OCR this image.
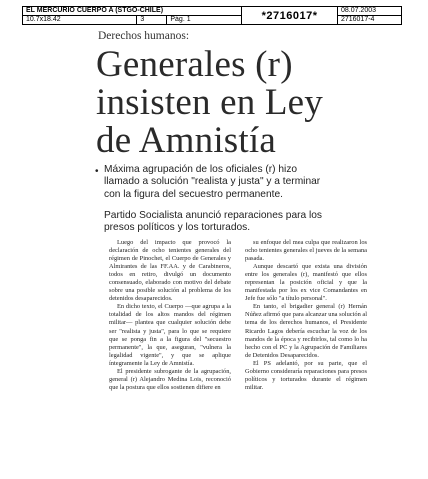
EL MERCURIO CUERPO A (STGO-CHILE)			*2716017*	08.07.2003
10.7x18.42	3	Pág. 1		2716017-4
Derechos humanos:
Generales (r)
insisten en Ley
de Amnistía
• Máxima agrupación de los oficiales (r) hizo llamado a solución "realista y justa" y a terminar con la figura del secuestro permanente.
Partido Socialista anunció reparaciones para los presos políticos y los torturados.

Luego del impacto que provocó la declaración de ocho tenientes generales del régimen de Pinochet, el Cuerpo de Generales y Almirantes de las FF.AA. y de Carabineros, todos en retiro, divulgó un documento consensuado, elaborado con motivo del debate sobre una posible solución al problema de los detenidos desaparecidos.

En dicho texto, el Cuerpo —que agrupa a la totalidad de los altos mandos del régimen militar— plantea que cualquier solución debe ser "realista y justa", para lo que se requiere que se ponga fin a la figura del "secuestro permanente", la que, aseguran, "vulnera la legalidad vigente", y que se aplique íntegramente la Ley de Amnistía.

El presidente subrogante de la agrupación, general (r) Alejandro Medina Lois, reconoció que la postura que ellos sostienen difiere en

su enfoque del mea culpa que realizaron los ocho tenientes generales el jueves de la semana pasada.

Aunque descartó que exista una división entre los generales (r), manifestó que ellos representan la posición oficial y que la manifestada por los ex vice Comandantes en Jefe fue sólo "a título personal".

En tanto, el brigadier general (r) Hernán Núñez afirmó que para alcanzar una solución al tema de los derechos humanos, el Presidente Ricardo Lagos debería escuchar la voz de los mandos de la época y recibirlos, tal como lo ha hecho con el PC y la Agrupación de Familiares de Detenidos Desaparecidos.

El PS adelantó, por su parte, que el Gobierno consideraría reparaciones para presos políticos y torturados durante el régimen militar.
